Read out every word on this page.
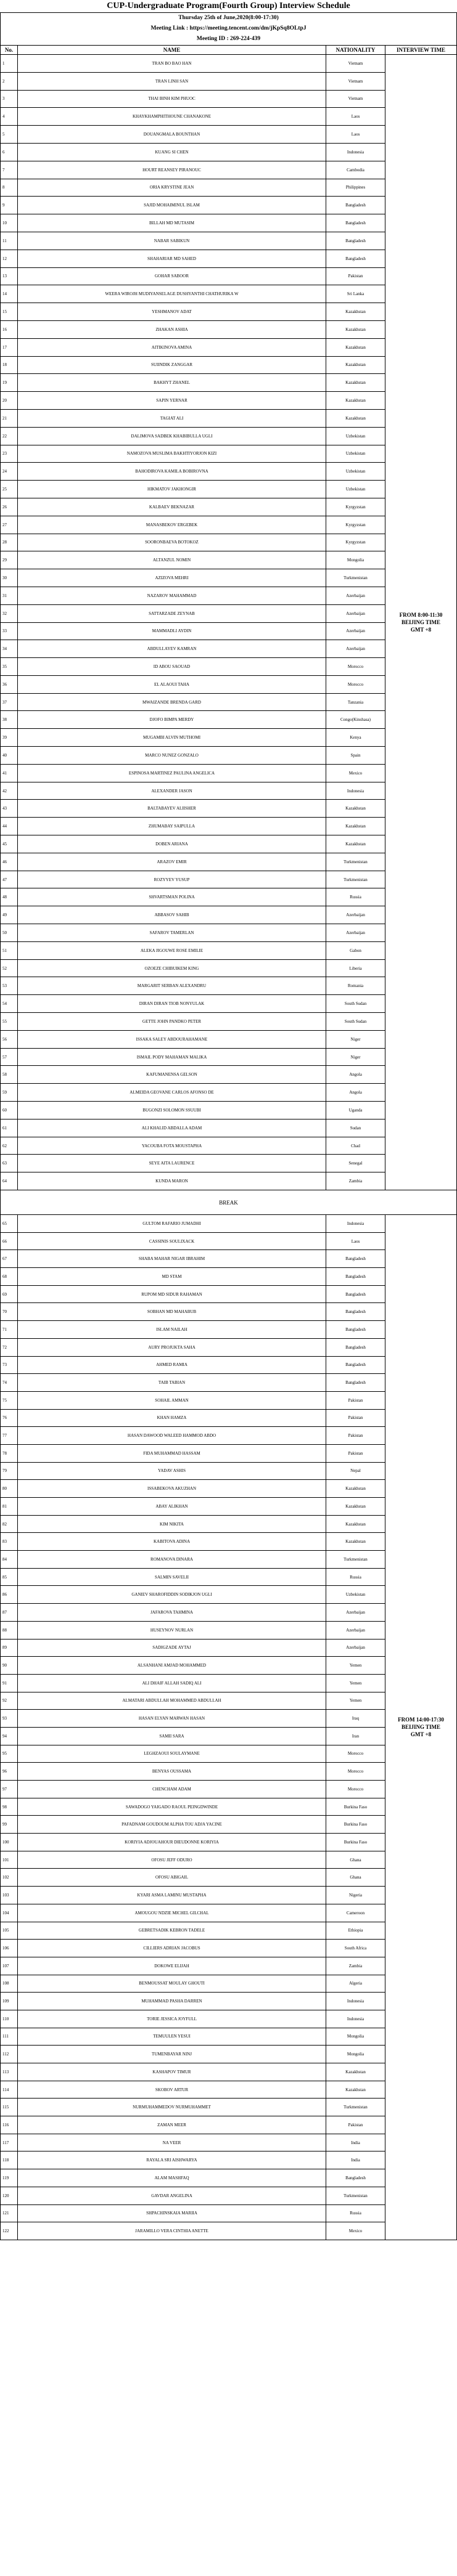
CUP-Undergraduate Program(Fourth Group) Interview Schedule
Thursday 25th of June,2020(8:00-17:30)
Meeting Link : https://meeting.tencent.com/dm/jKpSq8OLtpJ
Meeting ID : 269-224-439
No.	NAME	NATIONALITY	INTERVIEW TIME
1	TRAN BO BAO HAN	Vietnam	FROM 8:00-11:30
BEIJING TIME
GMT +8

2	TRAN LINH SAN	Vietnam	
3	THAI BINH KIM PHUOC	Vietnam	
4	KHAYKHAMPHITHOUNE CHANAKONE	Laos	
5	DOUANGMALA BOUNTHAN	Laos	
6	KUANG SI CHEN	Indonesia	
7	HOURT REANSEY PIRANOUC	Cambodia	
8	ORIA KRYSTINE JEAN	Philippines	
9	SAJID MOHAIMINUL ISLAM	Bangladesh	
10	BILLAH MD MUTASIM	Bangladesh	
11	NABAR SABIKUN	Bangladesh	
12	SHAHARIAR MD SAHED	Bangladesh	
13	GOHAR SABOOR	Pakistan	
14	WEERA WIROJH MUDIYANSELAGE DUSHYANTHI CHATHURIKA W	Sri Lanka	
15	YESHMANOV ADAT	Kazakhstan	
16	ZHAKAN ASHIA	Kazakhstan	
17	AITIKINOVA AMINA	Kazakhstan	
18	SUIINDIK ZANGGAR	Kazakhstan	
19	BAKHYT ZHANEL	Kazakhstan	
20	SAPIN YERNAR	Kazakhstan	
21	TAGIAT ALI	Kazakhstan	
22	DALIMOVA SADBEK KHABIBULLA UGLI	Uzbekistan	
23	NAMOZOVA MUSLIMA BAKHTIYORJON KIZI	Uzbekistan	
24	BAHODIROVA KAMILA BOBIROVNA	Uzbekistan	
25	HIKMATOV JAKHONGIR	Uzbekistan	
26	KALBAEV BEKNAZAR	Kyrgyzstan	
27	MANASBEKOV ERGEBEK	Kyrgyzstan	
28	SOORONBAEVA BOTOKOZ	Kyrgyzstan	
29	ALTANZUL NOMIN	Mongolia	
30	AZIZOVA MEHRI	Turkmenistan	
31	NAZAROV MAHAMMAD	Azerbaijan	
32	SATTARZADE ZEYNAB	Azerbaijan	
33	MAMMADLI AYDIN	Azerbaijan	
34	ABDULLAYEV KAMRAN	Azerbaijan	
35	ID ABOU SAOUAD	Morocco	
36	EL ALAOUI TAHA	Morocco	
37	MWAIZANDE BRENDA GARD	Tanzania	
38	DJOFO BIMPA MERDY	Congo(Kinshasa)	
39	MUGAMBI ALVIN MUTHOMI	Kenya	
40	MARCO NUNEZ GONZALO	Spain	
41	ESPINOSA MARTINEZ PAULINA ANGELICA	Mexico	
42	ALEXANDER JASON	Indonesia	
43	BALTABAYEV ALIISHER	Kazakhstan	
44	ZHUMABAY SAIPULLA	Kazakhstan	
45	DOBEN ARIANA	Kazakhstan	
46	ARAZOV EMIR	Turkmenistan	
47	ROZYYEV YUSUP	Turkmenistan	
48	SHVARTSMAN POLINA	Russia	
49	ABBASOV SAHIB	Azerbaijan	
50	SAFAROV TAMERLAN	Azerbaijan	
51	ALEKA JIGOUWE ROSE EMILIE	Gabon	
52	OZOEZE CHIBUIKEM KING	Liberia	
53	MARGARIT SERBAN ALEXANDRU	Romania	
54	DIRAN DIRAN TIOB NONYULAK	South Sudan	
55	GETTE JOHN PANDKO PETER	South Sudan	
56	ISSAKA SALEY ABDOURAHAMANE	Niger	
57	ISMAIL PODY MAHAMAN MALIKA	Niger	
58	KAFUMANENSA GELSON	Angola	
59	ALMEIDA GEOVANE CARLOS AFONSO DE	Angola	
60	BUGONZI SOLOMON SSUUBI	Uganda	
61	ALI KHALID ABDALLA ADAM	Sudan	
62	YACOUBA FOTA MOUSTAPHA	Chad	
63	SEYE AITA LAURENCE	Senegal	
64	KUNDA MARON	Zambia	
BREAK			
65	GULTOM RAFARIO JUMADHI	Indonesia	FROM 14:00-17:30
BEIJING TIME
GMT +8

66	CASSINIS SOULIXACK	Laos	
67	SHABA MAHAR NIGAR IBRAHIM	Bangladesh	
68	MD STAM	Bangladesh	
69	RUPOM MD SIDUR RAHAMAN	Bangladesh	
70	SOBHAN MD MAHABUB	Bangladesh	
71	ISLAM NAILAH	Bangladesh	
72	AURY PROJUKTA SAHA	Bangladesh	
73	AHMED RAMIA	Bangladesh	
74	TAIB TABIAN	Bangladesh	
75	SOHAIL AMMAN	Pakistan	
76	KHAN HAMZA	Pakistan	
77	HASAN DAWOOD WALEED HAMMOD ABDO	Pakistan	
78	FIDA MUHAMMAD HASSAM	Pakistan	
79	YADAV ASHIS	Nepal	
80	ISSABEKOVA AKUZHAN	Kazakhstan	
81	ABAY ALIKHAN	Kazakhstan	
82	KIM NIKITA	Kazakhstan	
83	KABITOVA ADINA	Kazakhstan	
84	ROMANOVA DINARA	Turkmenistan	
85	SALMIN SAVELII	Russia	
86	GANIEV SHAROFIDDIN SODIKJON UGLI	Uzbekistan	
87	JAFAROVA TAHMINA	Azerbaijan	
88	HUSEYNOV NURLAN	Azerbaijan	
89	SADIGZADE AYTAJ	Azerbaijan	
90	ALSANHANI AMJAD MOHAMMED	Yemen	
91	ALI DHAIF ALLAH SADIQ ALI	Yemen	
92	ALMATARI ABDULLAH MOHAMMED ABDULLAH	Yemen	
93	HASAN ELYAN MARWAN HASAN	Iraq	
94	SAMII SARA	Iran	
95	LEGHZAOUI SOULAYMANE	Morocco	
96	BENYAS OUSSAMA	Morocco	
97	CHENCHAM ADAM	Morocco	
98	SAWADOGO YAIGADO RAOUL PEINGDWINDE	Burkina Faso	
99	PAFADNAM GOUDOUM ALPHA TOU ADJA YACINE	Burkina Faso	
100	KORIYIA ADJOUAHOUR DIEUDONNE KORIYIA	Burkina Faso	
101	OFOSU JEFF ODURO	Ghana	
102	OFOSU ABIGAIL	Ghana	
103	KYARI ASMA LAMINU MUSTAPHA	Nigeria	
104	AMOUGOU NDZIE MICHEL GILCHAL	Cameroon	
105	GEBRETSADIK KEBRON TADELE	Ethiopia	
106	CILLIERS ADRIAN JACOBUS	South Africa	
107	DOKOWE ELIJAH	Zambia	
108	BENMOUSSAT MOULAY GHOUTI	Algeria	
109	MUHAMMAD PASHA DARREN	Indonesia	
110	TORIE JESSICA JOYFULL	Indonesia	
111	TEMUULEN YESUI	Mongolia	
112	TUMENBAYAR NINJ	Mongolia	
113	KASHAPOV TIMUR	Kazakhstan	
114	SKOBOV ARTUR	Kazakhstan	
115	NURMUHAMMEDOV NURMUHAMMET	Turkmenistan	
116	ZAMAN MEER	Pakistan	
117	NA VEER	India	
118	RAYALA SRI AISHWARYA	India	
119	ALAM MASHFAQ	Bangladesh	
120	GAVDAR ANGELINA	Turkmenistan	
121	SHPACHINSKAIA MARIIA	Russia	
122	JARAMILLO VERA CINTHIA ANETTE	Mexico	
